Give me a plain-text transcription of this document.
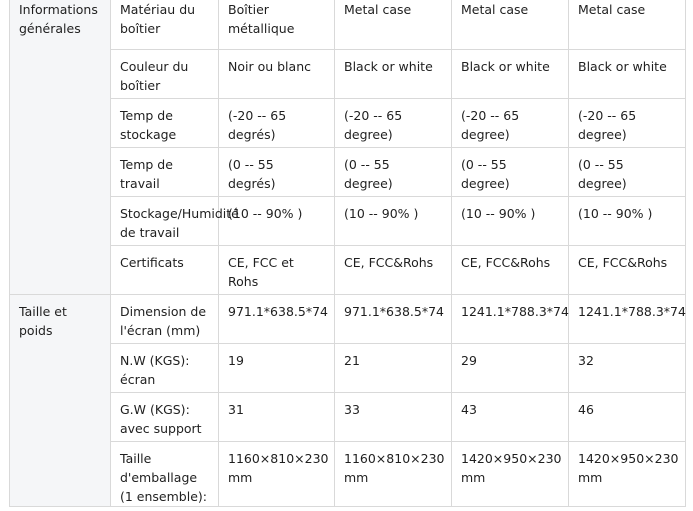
Informations générales	Matériau du boîtier	Boîtier métallique	Metal case	Metal case	Metal case
	Couleur du boîtier	Noir ou blanc	Black or white	Black or white	Black or white
	Temp de stockage	(-20 -- 65 degrés)	(-20 -- 65 degree)	(-20 -- 65 degree)	(-20 -- 65 degree)
	Temp de travail	(0 -- 55 degrés)	(0 -- 55 degree)	(0 -- 55 degree)	(0 -- 55 degree)
	Stockage/Humidité de travail	(10 -- 90% )	(10 -- 90% )	(10 -- 90% )	(10 -- 90% )
	Certificats	CE, FCC et Rohs	CE, FCC&Rohs	CE, FCC&Rohs	CE, FCC&Rohs
Taille et poids	Dimension de l'écran (mm)	971.1*638.5*74	971.1*638.5*74	1241.1*788.3*74	1241.1*788.3*74
	N.W (KGS): écran	19	21	29	32
	G.W (KGS): avec support	31	33	43	46
	Taille d'emballage (1 ensemble):	1160×810×230 mm	1160×810×230 mm	1420×950×230 mm	1420×950×230 mm
